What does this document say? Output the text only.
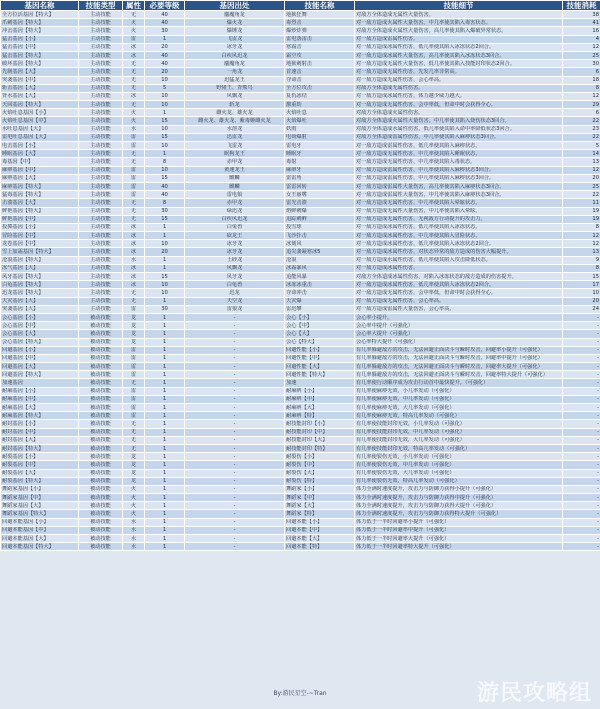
基因名称	技能类型	属性	必要等级	基因出处	技能名称	技能细节	技能消耗
全方位活基因【特大】	主动技能	无	40	鏖魔角龙	地狱狂舞	对敌方全体造成无属性大量伤害。	38
爪刺基因【特大】	主动技能	火	40	爆火龙	毒烈击	对一敌方造成火属性大量伤害。中几率使其陷入毒害状态。	41
冲击基因【特大】	主动技能	火	30	爆锤龙	爆炒炸弹	对敌方全体造成火属性大量伤害。高几率使其陷入爆破异常状态。	16
猛击基因【小】	主动技能	雷	1	飞雷龙	雷电落雷击	对一敌方造成雷属性伤害。	4
猛击基因【中】	主动技能	冰	20	冰牙龙	寒霜击	对一敌方造成冰属性伤害，低几率使其陷入冰冻状态2回合。	12
猛击基因【特大】	主动技能	冰	40	白疾风迅龙	霜空攻	对一敌方造成冰属性大量伤害，高几率使其陷入冰冻状态3回合。	25
破坏基因【特大】	主动技能	无	40	鏖魔角龙	地狱刺射击	对一敌方造成无属性大量伤害，低几率使其陷入技能封印状态2回合。	30
先制基因【大】	主动技能	无	20	一角龙	首速击	对一敌方造成无属性伤害，先发几率非常高。	6
突袭基因【中】	主动技能	无	10	迅猛龙王	夺命击	对一敌方造成无属性伤害，会心率高。	18
斩击基因【大】	主动技能	无	5	野猪王、青熊鸟	全方位攻击	对敌方全体造成无属性伤害。	8
背水基因【大】	主动技能	冰	10	风飘龙	复仇冰结	对一敌方造成冰属性伤害，体力越少威力越大。	12
天回基因【特大】	主动技能	无	10	斩龙	激重劫	对一敌方造成无属性伤害。会中率低，但命中时会获得全心。	29
火焰吐息基因【小】	主动技能	火	1	雌火龙、雄火龙	火焰吐息	对敌方全体造成火属性伤害。	6
火焰吐息基因【中】	主动技能	火	15	雌火龙、雄火龙、紫毒姬雌火龙	火焰爆吐	对敌方全体造成火属性大量伤害。中几率使其陷入烧伤状态3回合。	22
水吐息基因【大】	主动技能	水	10	水溶龙	妖雨	对敌方全体造成水属性伤害，低几率使其陷入命中率降低状态3回合。	23
雷电吐息基因【大】	主动技能	雷	15	迅雷龙	电荷爆射	对敌方全体造成雷属性伤害，中几率使其陷入麻痹状态3回合。	22
电击基因【小】	主动技能	雷	10	飞雷龙	雷电牙	对一敌方造成雷属性伤害，低几率使其陷入麻痹状态。	5
睡眠基因【大】	主动技能	无	1	眠狗龙王	睡眠牙	对一敌方造成无属性伤害，中几率使其陷入睡眠状态。	14
毒基因【中】	主动技能	无	8	赤甲龙	毒射	对一敌方造成无属性伤害，中几率使其陷入毒状态。	13
麻痹基因【中】	主动技能	雷	10	黄速龙王	麻痹牙	对一敌方造成雷属性伤害，中几率使其陷入麻痹状态3回合。	12
麻痹基因【大】	主动技能	雷	15	麒麟	雷雷角	对一敌方造成雷属性伤害，中几率使其陷入麻痹状态3回合。	20
麻痹基因【特大】	主动技能	雷	40	麒麟	雷雷回转	对一敌方造成雷属性大量伤害，高几率使其陷入麻痹状态3回合。	25
猛毒基因【特大】	主动技能	雷	40	雷电狼	女王丽嗜	对一敌方造成雷属性大量伤害，中几率使其陷入麻痹状态3回合。	22
击溃基因【大】	主动技能	无	8	赤甲龙	雷光击溃	对一敌方造成无属性伤害，中几率使其陷入晕眩状态。	11
鲜艳基因【特大】	主动技能	无	30	绿迅龙	熔鲜刺爆	对一敌方造成无属性大量伤害，中几率使其陷入晕眩。	19
鲜艳基因【中】	主动技能	无	15	白疾风迅龙	追踪刺鲜	对一敌方造成无属性伤害，无视敌方行动提升的攻击力。	19
投掷基因【小】	主动技能	冰	1	白兔兽	投雪球	对一敌方造成冰属性伤害，低几率使其陷入冰冻状态。	8
冒险基因【中】	主动技能	冰	1	砍龙王	飞沙扑击	对一敌方造成冰属性伤害，中几率使其陷入冒险状态。	12
龙卷基因【中】	主动技能	冰	10	冰牙龙	冰刻风	对一敌方造成冰属性伤害，低几率使其陷入冰冻状态2回合。	12
雪上加霜基因【特大】	主动技能	冰	20	冰牙龙	追尖袭凝寒冰5	对一敌方造成冰属性伤害，对状态异常的敌方造成的伤害大幅提升。	13
沧浪基因【特大】	主动技能	水	1	土砂龙	沧浪	对一敌方造成水属性伤害，低几率使其陷入攻击降低状态。	9
冻气基因【大】	主动技能	冰	1	风飘龙	冰霜暴风	对一敌方造成冰属性伤害。	8
风牙基因【特大】	主动技能	冰	15	风牙龙	追能风暴	对敌方全体造成冰属性伤害，对陷入冰冻状态的敌方造成的伤害提升。	15
白龟基因【特大】	主动技能	冰	10	白龟兽	冰冻冰重击	对一敌方造成冰属性伤害，低几率使其陷入冰冻状态2回合。	17
迅龙基因【特大】	主动技能	无	10	迅龙	夺命冲击	对一敌方造成无属性伤害，会中率低，但命中时会获得全心。	10
天灾基因【大】	主动技能	无	1	天空龙	天灾爆	对一敌方造成无属性伤害，会心率高。	20
突袭基因【大】	主动技能	雷	30	雷狼龙	雷迅攀	对一敌方造成雷属性大量伤害，会心率高。	24
会心基因【小】	被动技能	龙	1	-	会心【小】	会心率小提升。	-
会心基因【中】	被动技能	龙	1	-	会心【中】	会心率中提升（可强化）	-
会心基因【大】	被动技能	龙	1	-	会心【大】	会心率大提升（可强化）	-
会心基因【特大】	被动技能	龙	1	-	会心【特大】	会心率特大提升（可强化）	-
回避基因【小】	被动技能	雷	1	-	回避性能【小】	有几率躲避敌方的攻击，无法回避正面决斗与瞬时攻击，回避率小提升（可强化）	-
回避基因【中】	被动技能	雷	1	-	回避性能【中】	有几率躲避敌方的攻击，无法回避正面决斗与瞬时攻击，回避率中提升（可强化）	-
回避基因【大】	被动技能	雷	1	-	回避性能【大】	有几率躲避敌方的攻击，无法回避正面决斗与瞬时攻击，回避率大提升（可强化）	-
回避基因【特大】	被动技能	雷	1	-	回避性能【特大】	有几率躲避敌方的攻击，无法回避正面决斗与瞬时攻击，回避率特大提升（可强化）	-
加速基因	被动技能	无	1	-	加速	有几率使行动顺序成为攻击行动首中最快提升。（可强化）	-
耐麻基因【小】	被动技能	雷	1	-	耐麻痹【小】	有几率使麻痹无效，小几率发动（可强化）	-
耐麻基因【中】	被动技能	雷	1	-	耐麻痹【中】	有几率使麻痹无效，中几率发动（可强化）	-
耐麻基因【大】	被动技能	雷	1	-	耐麻痹【大】	有几率使麻痹无效，大几率发动（可强化）	-
耐麻基因【特大】	被动技能	雷	1	-	耐麻痹【特】	有几率使麻痹无效，特高几率发动（可强化）	-
耐封基因【小】	被动技能	无	1	-	耐技能封印【小】	有几率使技能封印无效，小几率发动（可强化）	-
耐封基因【中】	被动技能	无	1	-	耐技能封印【中】	有几率使技能封印无效，中几率发动（可强化）	-
耐封基因【大】	被动技能	无	1	-	耐技能封印【大】	有几率使技能封印无效，大几率发动（可强化）	-
耐封基因【特大】	被动技能	无	1	-	耐技能封印【特】	有几率使技能封印无效，特高几率发动（可强化）	-
耐裂基因【小】	被动技能	龙	1	-	耐裂伤【小】	有几率使裂伤无效，小几率发动（可强化）	-
耐裂基因【中】	被动技能	龙	1	-	耐裂伤【中】	有几率使裂伤无效，中几率发动（可强化）	-
耐裂基因【大】	被动技能	龙	1	-	耐裂伤【大】	有几率使裂伤无效，大几率发动（可强化）	-
耐裂基因【特大】	被动技能	龙	1	-	耐裂伤【特】	有几率使裂伤无效，特高几率发动（可强化）	-
舞蹈家基因【小】	被动技能	火	1	-	舞蹈家【小】	体力全满时速度提升，攻击力与防御力获得小提升（可强化）	-
舞蹈家基因【中】	被动技能	火	1	-	舞蹈家【中】	体力全满时速度提升，攻击力与防御力获得中提升（可强化）	-
舞蹈家基因【大】	被动技能	火	1	-	舞蹈家【大】	体力全满时速度提升，攻击力与防御力获得大提升（可强化）	-
舞蹈家基因【特大】	被动技能	火	1	-	舞蹈家【特】	体力全满时速度提升，攻击力与防御力获得特大提升（可强化）	-
回避本能基因【小】	被动技能	水	1	-	回避本能【小】	体力低于一半时回避率小提升（可强化）	-
回避本能基因【中】	被动技能	水	1	-	回避本能【中】	体力低于一半时回避率中提升（可强化）	-
回避本能基因【大】	被动技能	水	1	-	回避本能【大】	体力低于一半时回避率大提升（可强化）	-
回避本能基因【特大】	被动技能	水	1	-	回避本能【特】	体力低于一半时回避率特大提升（可强化）	-
By:游民星空-~Tran	游民攻略组
